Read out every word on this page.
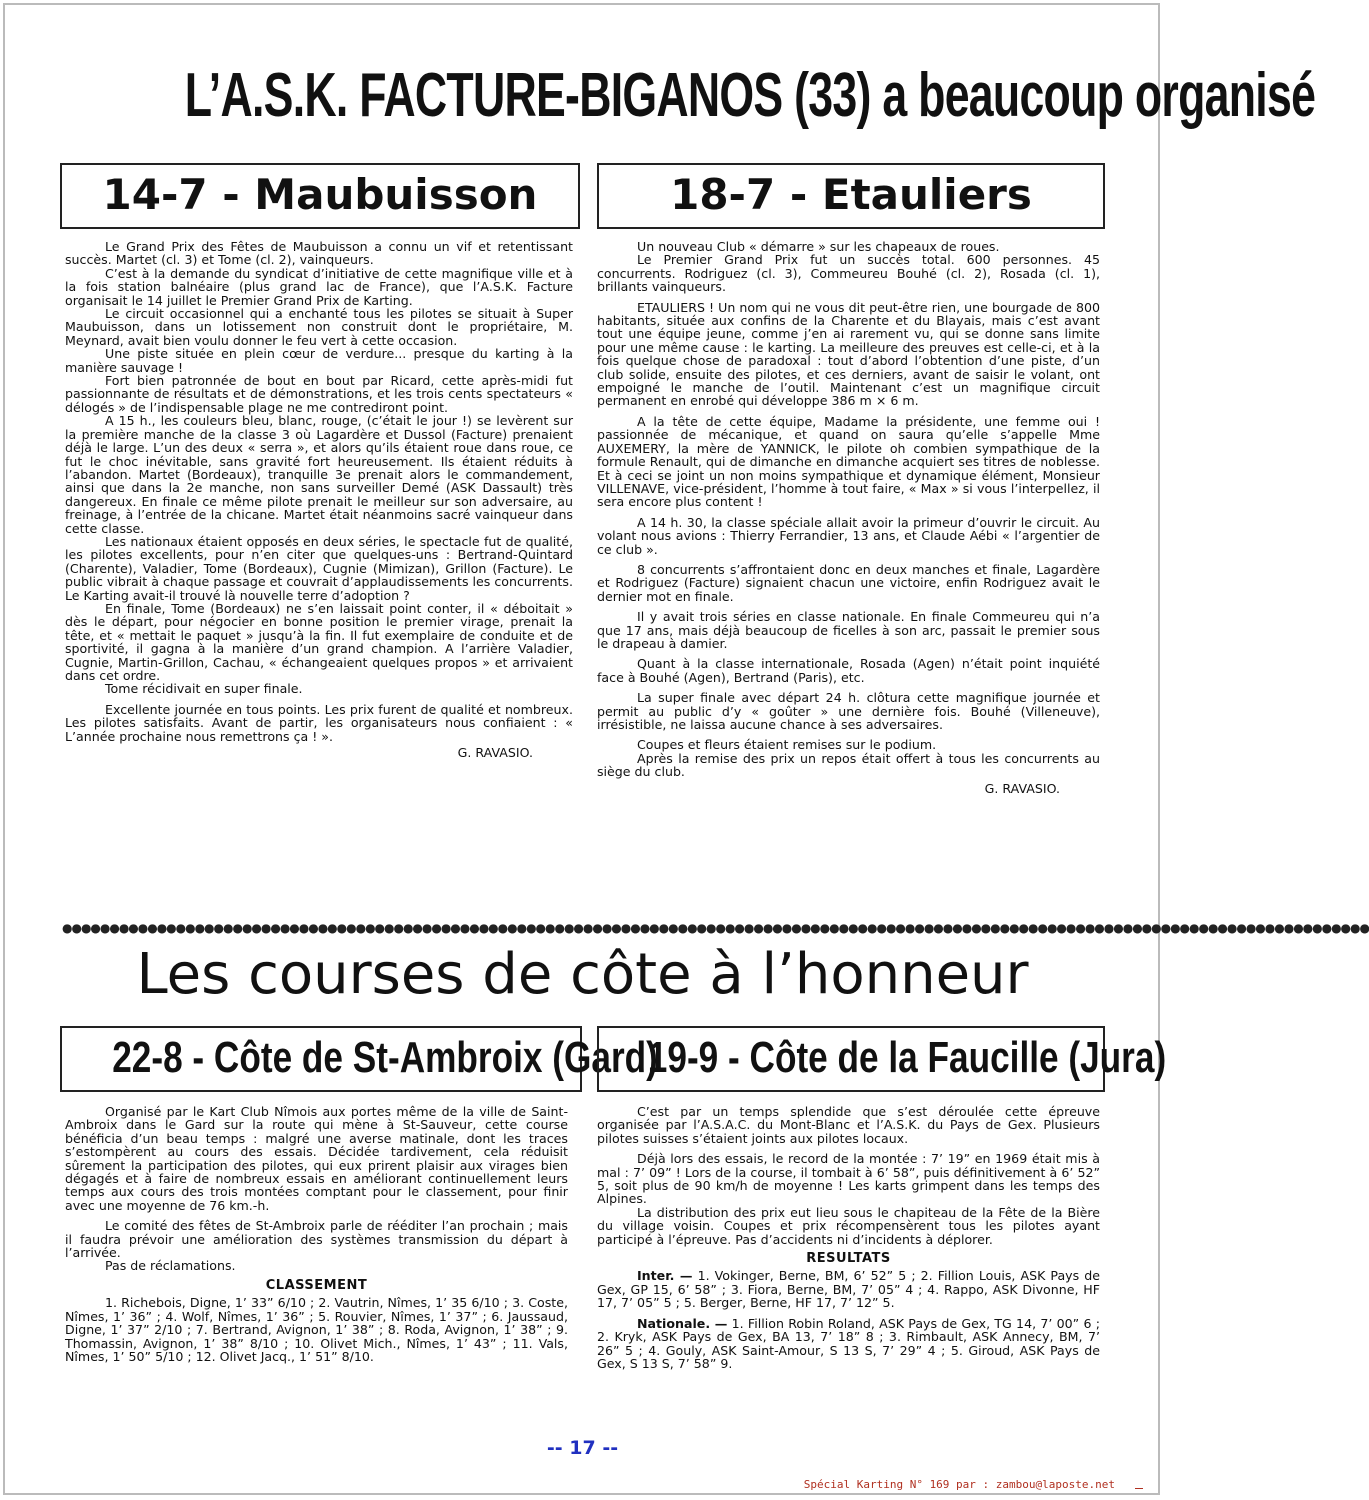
L’A.S.K. FACTURE-BIGANOS (33) a beaucoup organisé
14-7 - Maubuisson

Le Grand Prix des Fêtes de Maubuisson a connu un vif et retentissant succès. Martet (cl. 3) et Tome (cl. 2), vainqueurs.

C’est à la demande du syndicat d’initiative de cette magnifique ville et à la fois station balnéaire (plus grand lac de France), que l’A.S.K. Facture organisait le 14 juillet le Premier Grand Prix de Karting.

Le circuit occasionnel qui a enchanté tous les pilotes se situait à Super Maubuisson, dans un lotissement non construit dont le propriétaire, M. Meynard, avait bien voulu donner le feu vert à cette occasion.

Une piste située en plein cœur de verdure... presque du karting à la manière sauvage !

Fort bien patronnée de bout en bout par Ricard, cette après-midi fut passionnante de résultats et de démonstrations, et les trois cents spectateurs « délogés » de l’indispensable plage ne me contrediront point.

A 15 h., les couleurs bleu, blanc, rouge, (c’était le jour !) se levèrent sur la première manche de la classe 3 où Lagardère et Dussol (Facture) prenaient déjà le large. L’un des deux « serra », et alors qu’ils étaient roue dans roue, ce fut le choc inévitable, sans gravité fort heureusement. Ils étaient réduits à l’abandon. Martet (Bordeaux), tranquille 3e prenait alors le commandement, ainsi que dans la 2e manche, non sans surveiller Demé (ASK Dassault) très dangereux. En finale ce même pilote prenait le meilleur sur son adversaire, au freinage, à l’entrée de la chicane. Martet était néanmoins sacré vainqueur dans cette classe.

Les nationaux étaient opposés en deux séries, le spectacle fut de qualité, les pilotes excellents, pour n’en citer que quelques-uns : Bertrand-Quintard (Charente), Valadier, Tome (Bordeaux), Cugnie (Mimizan), Grillon (Facture). Le public vibrait à chaque passage et couvrait d’applaudissements les concurrents. Le Karting avait-il trouvé là nouvelle terre d’adoption ?

En finale, Tome (Bordeaux) ne s’en laissait point conter, il « déboitait » dès le départ, pour négocier en bonne position le premier virage, prenait la tête, et « mettait le paquet » jusqu’à la fin. Il fut exemplaire de conduite et de sportivité, il gagna à la manière d’un grand champion. A l’arrière Valadier, Cugnie, Martin-Grillon, Cachau, « échangeaient quelques propos » et arrivaient dans cet ordre.

Tome récidivait en super finale.

Excellente journée en tous points. Les prix furent de qualité et nombreux. Les pilotes satisfaits. Avant de partir, les organisateurs nous confiaient : « L’année prochaine nous remettrons ça ! ».

G. RAVASIO.
18-7 - Etauliers

Un nouveau Club « démarre » sur les chapeaux de roues.

Le Premier Grand Prix fut un succès total. 600 personnes. 45 concurrents. Rodriguez (cl. 3), Commeureu Bouhé (cl. 2), Rosada (cl. 1), brillants vainqueurs.

ETAULIERS ! Un nom qui ne vous dit peut-être rien, une bourgade de 800 habitants, située aux confins de la Charente et du Blayais, mais c’est avant tout une équipe jeune, comme j’en ai rarement vu, qui se donne sans limite pour une même cause : le karting. La meilleure des preuves est celle-ci, et à la fois quelque chose de paradoxal : tout d’abord l’obtention d’une piste, d’un club solide, ensuite des pilotes, et ces derniers, avant de saisir le volant, ont empoigné le manche de l’outil. Maintenant c’est un magnifique circuit permanent en enrobé qui développe 386 m × 6 m.

A la tête de cette équipe, Madame la présidente, une femme oui ! passionnée de mécanique, et quand on saura qu’elle s’appelle Mme AUXEMERY, la mère de YANNICK, le pilote oh combien sympathique de la formule Renault, qui de dimanche en dimanche acquiert ses titres de noblesse. Et à ceci se joint un non moins sympathique et dynamique élément, Monsieur VILLENAVE, vice-président, l’homme à tout faire, « Max » si vous l’interpellez, il sera encore plus content !

A 14 h. 30, la classe spéciale allait avoir la primeur d’ouvrir le circuit. Au volant nous avions : Thierry Ferrandier, 13 ans, et Claude Aébi « l’argentier de ce club ».

8 concurrents s’affrontaient donc en deux manches et finale, Lagardère et Rodriguez (Facture) signaient chacun une victoire, enfin Rodriguez avait le dernier mot en finale.

Il y avait trois séries en classe nationale. En finale Commeureu qui n’a que 17 ans, mais déjà beaucoup de ficelles à son arc, passait le premier sous le drapeau à damier.

Quant à la classe internationale, Rosada (Agen) n’était point inquiété face à Bouhé (Agen), Bertrand (Paris), etc.

La super finale avec départ 24 h. clôtura cette magnifique journée et permit au public d’y « goûter » une dernière fois. Bouhé (Villeneuve), irrésistible, ne laissa aucune chance à ses adversaires.

Coupes et fleurs étaient remises sur le podium.

Après la remise des prix un repos était offert à tous les concurrents au siège du club.

G. RAVASIO.
●●●●●●●●●●●●●●●●●●●●●●●●●●●●●●●●●●●●●●●●●●●●●●●●●●●●●●●●●●●●●●●●●●●●●●●●●●●●●●●●●●●●●●●●●●●●●●●●●●●●●●●●●●●●●●●●●●●●●●●●●●●●●●●●●●●●●●●●●●
Les courses de côte à l’honneur
22-8 - Côte de St-Ambroix (Gard)

Organisé par le Kart Club Nîmois aux portes même de la ville de Saint-Ambroix dans le Gard sur la route qui mène à St-Sauveur, cette course bénéficia d’un beau temps : malgré une averse matinale, dont les traces s’estompèrent au cours des essais. Décidée tardivement, cela réduisit sûrement la participation des pilotes, qui eux prirent plaisir aux virages bien dégagés et à faire de nombreux essais en améliorant continuellement leurs temps aux cours des trois montées comptant pour le classement, pour finir avec une moyenne de 76 km.-h.

Le comité des fêtes de St-Ambroix parle de rééditer l’an prochain ; mais il faudra prévoir une amélioration des systèmes transmission du départ à l’arrivée.

Pas de réclamations.

CLASSEMENT

1. Richebois, Digne, 1’ 33” 6/10 ; 2. Vautrin, Nîmes, 1’ 35 6/10 ; 3. Coste, Nîmes, 1’ 36” ; 4. Wolf, Nîmes, 1’ 36” ; 5. Rouvier, Nîmes, 1’ 37” ; 6. Jaussaud, Digne, 1’ 37” 2/10 ; 7. Bertrand, Avignon, 1’ 38” ; 8. Roda, Avignon, 1’ 38” ; 9. Thomassin, Avignon, 1’ 38” 8/10 ; 10. Olivet Mich., Nîmes, 1’ 43” ; 11. Vals, Nîmes, 1’ 50” 5/10 ; 12. Olivet Jacq., 1’ 51” 8/10.

19-9 - Côte de la Faucille (Jura)

C’est par un temps splendide que s’est déroulée cette épreuve organisée par l’A.S.A.C. du Mont-Blanc et l’A.S.K. du Pays de Gex. Plusieurs pilotes suisses s’étaient joints aux pilotes locaux.

Déjà lors des essais, le record de la montée : 7’ 19” en 1969 était mis à mal : 7’ 09” ! Lors de la course, il tombait à 6’ 58”, puis définitivement à 6’ 52” 5, soit plus de 90 km/h de moyenne ! Les karts grimpent dans les temps des Alpines.

La distribution des prix eut lieu sous le chapiteau de la Fête de la Bière du village voisin. Coupes et prix récompensèrent tous les pilotes ayant participé à l’épreuve. Pas d’accidents ni d’incidents à déplorer.

RESULTATS

Inter. — 1. Vokinger, Berne, BM, 6’ 52” 5 ; 2. Fillion Louis, ASK Pays de Gex, GP 15, 6’ 58” ; 3. Fiora, Berne, BM, 7’ 05” 4 ; 4. Rappo, ASK Divonne, HF 17, 7’ 05” 5 ; 5. Berger, Berne, HF 17, 7’ 12” 5.

Nationale. — 1. Fillion Robin Roland, ASK Pays de Gex, TG 14, 7’ 00” 6 ; 2. Kryk, ASK Pays de Gex, BA 13, 7’ 18” 8 ; 3. Rimbault, ASK Annecy, BM, 7’ 26” 5 ; 4. Gouly, ASK Saint-Amour, S 13 S, 7’ 29” 4 ; 5. Giroud, ASK Pays de Gex, S 13 S, 7’ 58” 9.

-- 17 --
Spécial Karting N° 169 par : zambou@laposte.net
